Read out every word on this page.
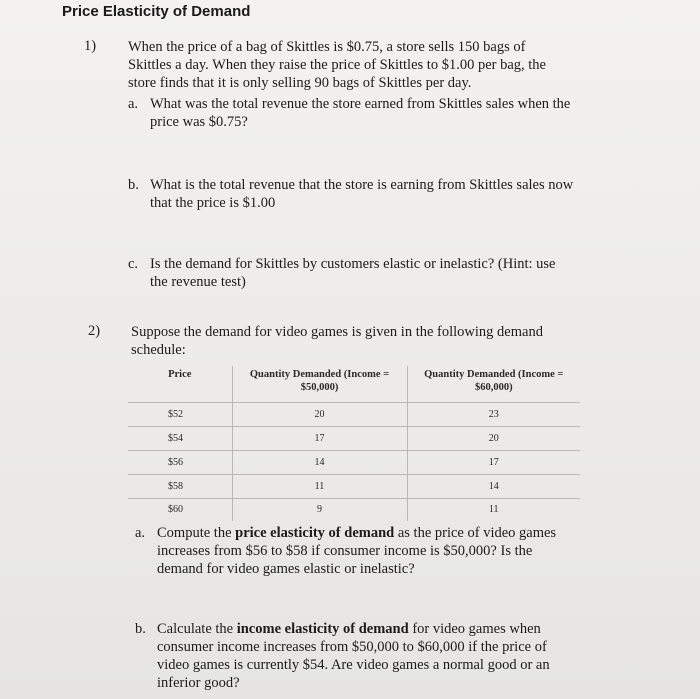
Price Elasticity of Demand
1) When the price of a bag of Skittles is $0.75, a store sells 150 bags of
Skittles a day. When they raise the price of Skittles to $1.00 per bag, the
store finds that it is only selling 90 bags of Skittles per day.
a. What was the total revenue the store earned from Skittles sales when the
price was $0.75?
b. What is the total revenue that the store is earning from Skittles sales now
that the price is $1.00
c. Is the demand for Skittles by customers elastic or inelastic? (Hint: use
the revenue test)
2) Suppose the demand for video games is given in the following demand
schedule:
Price	Quantity Demanded (Income = $50,000)	Quantity Demanded (Income = $60,000)
$52	20	23
$54	17	20
$56	14	17
$58	11	14
$60	9	11
a. Compute the price elasticity of demand as the price of video games
increases from $56 to $58 if consumer income is $50,000? Is the
demand for video games elastic or inelastic?
b. Calculate the income elasticity of demand for video games when
consumer income increases from $50,000 to $60,000 if the price of
video games is currently $54. Are video games a normal good or an
inferior good?
